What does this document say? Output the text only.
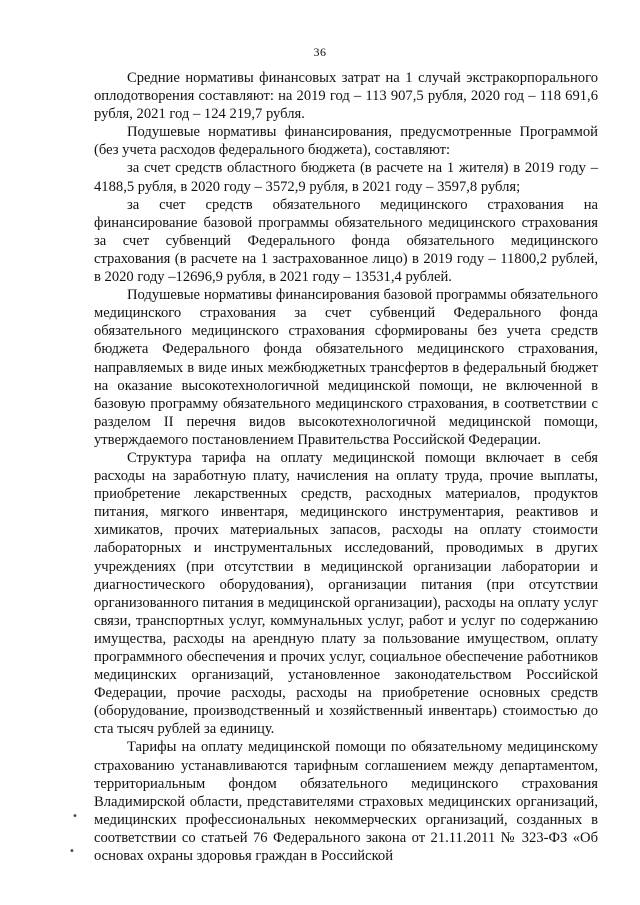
36

Средние нормативы финансовых затрат на 1 случай экстракорпорального оплодотворения составляют: на 2019 год – 113 907,5 рубля, 2020 год – 118 691,6 рубля, 2021 год – 124 219,7 рубля.

Подушевые нормативы финансирования, предусмотренные Программой (без учета расходов федерального бюджета), составляют:

за счет средств областного бюджета (в расчете на 1 жителя) в 2019 году – 4188,5 рубля, в 2020 году – 3572,9 рубля, в 2021 году – 3597,8 рубля;

за счет средств обязательного медицинского страхования на финансирование базовой программы обязательного медицинского страхования за счет субвенций Федерального фонда обязательного медицинского страхования (в расчете на 1 застрахованное лицо) в 2019 году – 11800,2 рублей, в 2020 году –12696,9 рубля, в 2021 году – 13531,4 рублей.

Подушевые нормативы финансирования базовой программы обязательного медицинского страхования за счет субвенций Федерального фонда обязательного медицинского страхования сформированы без учета средств бюджета Федерального фонда обязательного медицинского страхования, направляемых в виде иных межбюджетных трансфертов в федеральный бюджет на оказание высокотехнологичной медицинской помощи, не включенной в базовую программу обязательного медицинского страхования, в соответствии с разделом II перечня видов высокотехнологичной медицинской помощи, утверждаемого постановлением Правительства Российской Федерации.

Структура тарифа на оплату медицинской помощи включает в себя расходы на заработную плату, начисления на оплату труда, прочие выплаты, приобретение лекарственных средств, расходных материалов, продуктов питания, мягкого инвентаря, медицинского инструментария, реактивов и химикатов, прочих материальных запасов, расходы на оплату стоимости лабораторных и инструментальных исследований, проводимых в других учреждениях (при отсутствии в медицинской организации лаборатории и диагностического оборудования), организации питания (при отсутствии организованного питания в медицинской организации), расходы на оплату услуг связи, транспортных услуг, коммунальных услуг, работ и услуг по содержанию имущества, расходы на арендную плату за пользование имуществом, оплату программного обеспечения и прочих услуг, социальное обеспечение работников медицинских организаций, установленное законодательством Российской Федерации, прочие расходы, расходы на приобретение основных средств (оборудование, производственный и хозяйственный инвентарь) стоимостью до ста тысяч рублей за единицу.

Тарифы на оплату медицинской помощи по обязательному медицинскому страхованию устанавливаются тарифным соглашением между департаментом, территориальным фондом обязательного медицинского страхования Владимирской области, представителями страховых медицинских организаций, медицинских профессиональных некоммерческих организаций, созданных в соответствии со статьей 76 Федерального закона от 21.11.2011 № 323-ФЗ «Об основах охраны здоровья граждан в Российской

•
•
